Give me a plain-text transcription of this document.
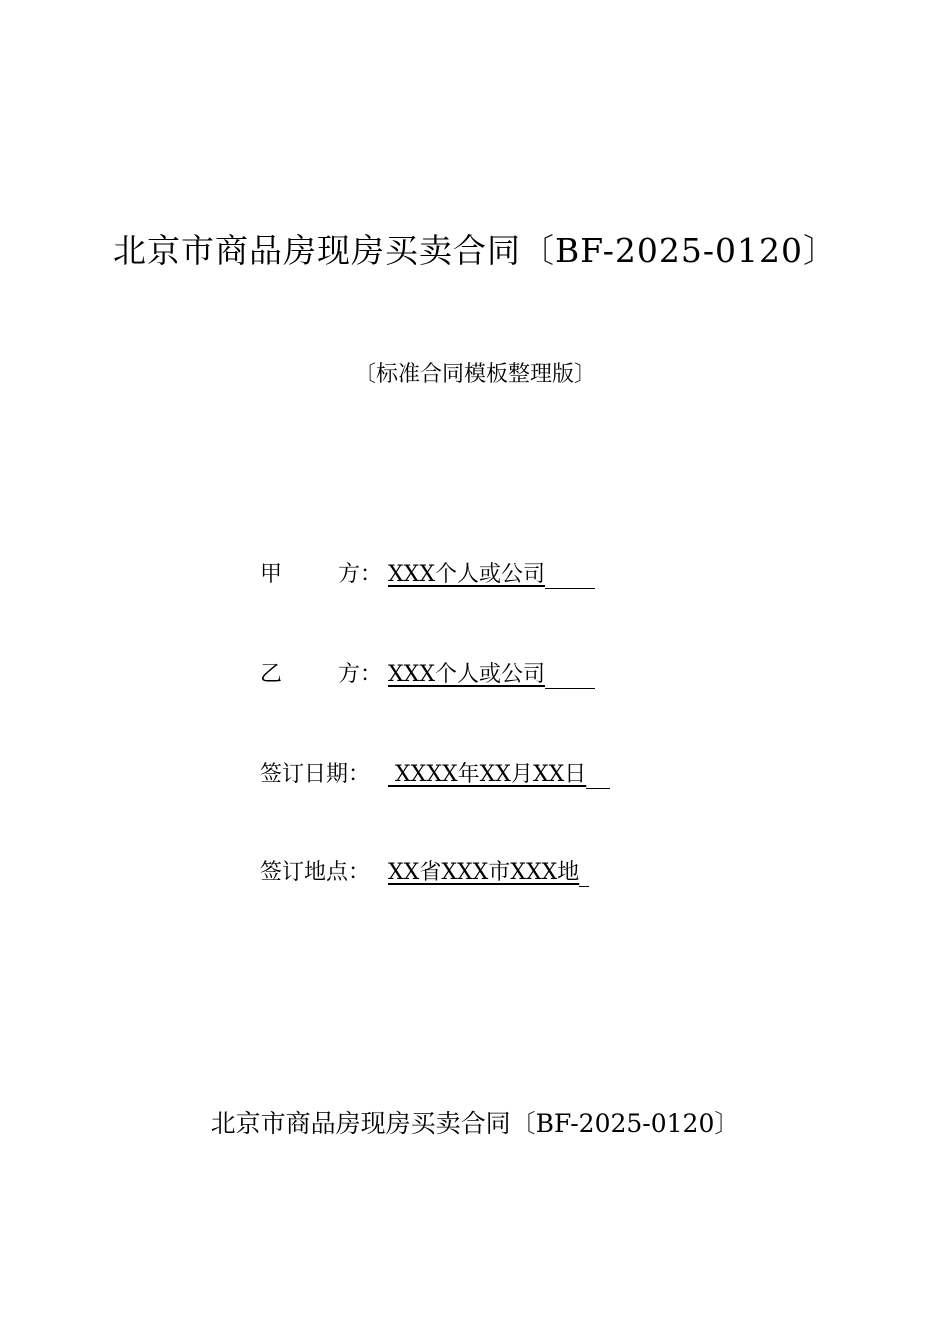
北京市商品房现房买卖合同〔BF-2025-0120〕
〔标准合同模板整理版〕
甲	方： XXX个人或公司
乙	方： XXX个人或公司
签订日期： XXXX年XX月XX日
签订地点： XX省XXX市XXX地
北京市商品房现房买卖合同〔BF-2025-0120〕
